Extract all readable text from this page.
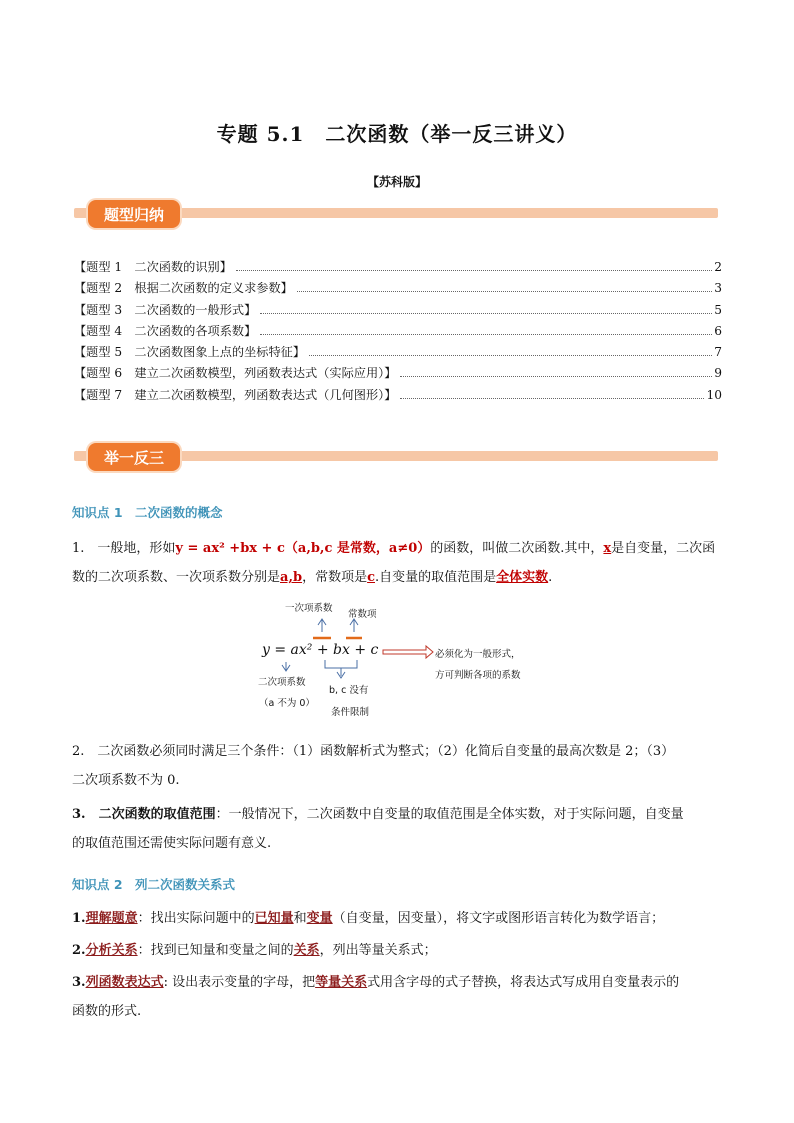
专题 5.1　二次函数（举一反三讲义）
【苏科版】
题型归纳
【题型 1　二次函数的识别】	2
【题型 2　根据二次函数的定义求参数】	3
【题型 3　二次函数的一般形式】	5
【题型 4　二次函数的各项系数】	6
【题型 5　二次函数图象上点的坐标特征】	7
【题型 6　建立二次函数模型，列函数表达式（实际应用）】	9
【题型 7　建立二次函数模型，列函数表达式（几何图形）】	10
举一反三
知识点 1　二次函数的概念
1.　一般地，形如y = ax² +bx + c（a,b,c 是常数，a≠0）的函数，叫做二次函数.其中，x是自变量，二次函
数的二次项系数、一次项系数分别是a,b，常数项是c.自变量的取值范围是全体实数.
一次项系数
常数项
y = ax² + bx + c
二次项系数
（a 不为 0）
b, c 没有
条件限制
必须化为一般形式，
方可判断各项的系数
2.　二次函数必须同时满足三个条件：（1）函数解析式为整式；（2）化简后自变量的最高次数是 2；（3）
二次项系数不为 0.
3.　二次函数的取值范围：一般情况下，二次函数中自变量的取值范围是全体实数，对于实际问题，自变量
的取值范围还需使实际问题有意义.
知识点 2　列二次函数关系式
1.理解题意：找出实际问题中的已知量和变量（自变量，因变量），将文字或图形语言转化为数学语言；
2.分析关系：找到已知量和变量之间的关系，列出等量关系式；
3.列函数表达式: 设出表示变量的字母，把等量关系式用含字母的式子替换，将表达式写成用自变量表示的
函数的形式.
